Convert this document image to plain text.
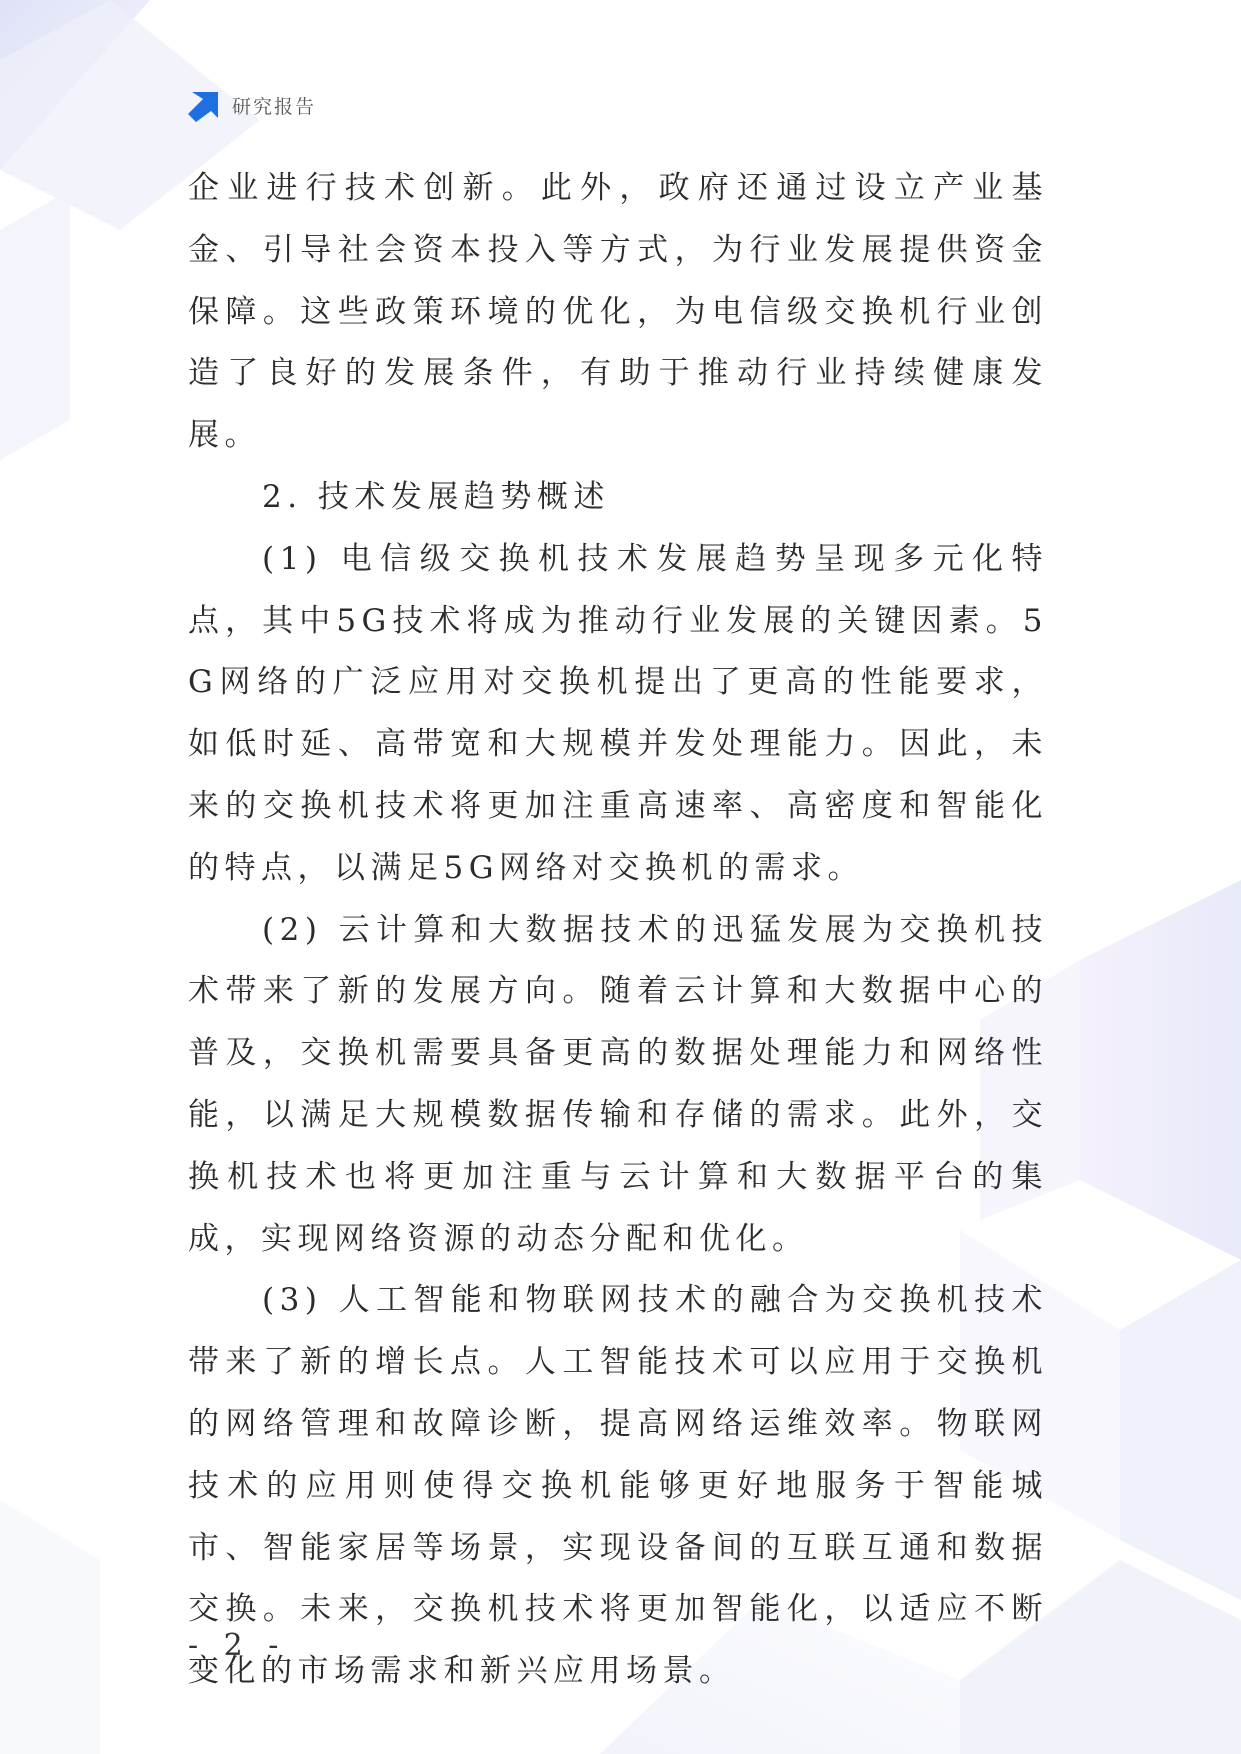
研究报告

企业进行技术创新。此外，政府还通过设立产业基金、引导社会资本投入等方式，为行业发展提供资金保障。这些政策环境的优化，为电信级交换机行业创造了良好的发展条件，有助于推动行业持续健康发展。

2. 技术发展趋势概述

(1) 电信级交换机技术发展趋势呈现多元化特点，其中5G技术将成为推动行业发展的关键因素。5G网络的广泛应用对交换机提出了更高的性能要求，如低时延、高带宽和大规模并发处理能力。因此，未来的交换机技术将更加注重高速率、高密度和智能化的特点，以满足5G网络对交换机的需求。

(2) 云计算和大数据技术的迅猛发展为交换机技术带来了新的发展方向。随着云计算和大数据中心的普及，交换机需要具备更高的数据处理能力和网络性能，以满足大规模数据传输和存储的需求。此外，交换机技术也将更加注重与云计算和大数据平台的集成，实现网络资源的动态分配和优化。

(3) 人工智能和物联网技术的融合为交换机技术带来了新的增长点。人工智能技术可以应用于交换机的网络管理和故障诊断，提高网络运维效率。物联网技术的应用则使得交换机能够更好地服务于智能城市、智能家居等场景，实现设备间的互联互通和数据交换。未来，交换机技术将更加智能化，以适应不断变化的市场需求和新兴应用场景。

- 2 -
